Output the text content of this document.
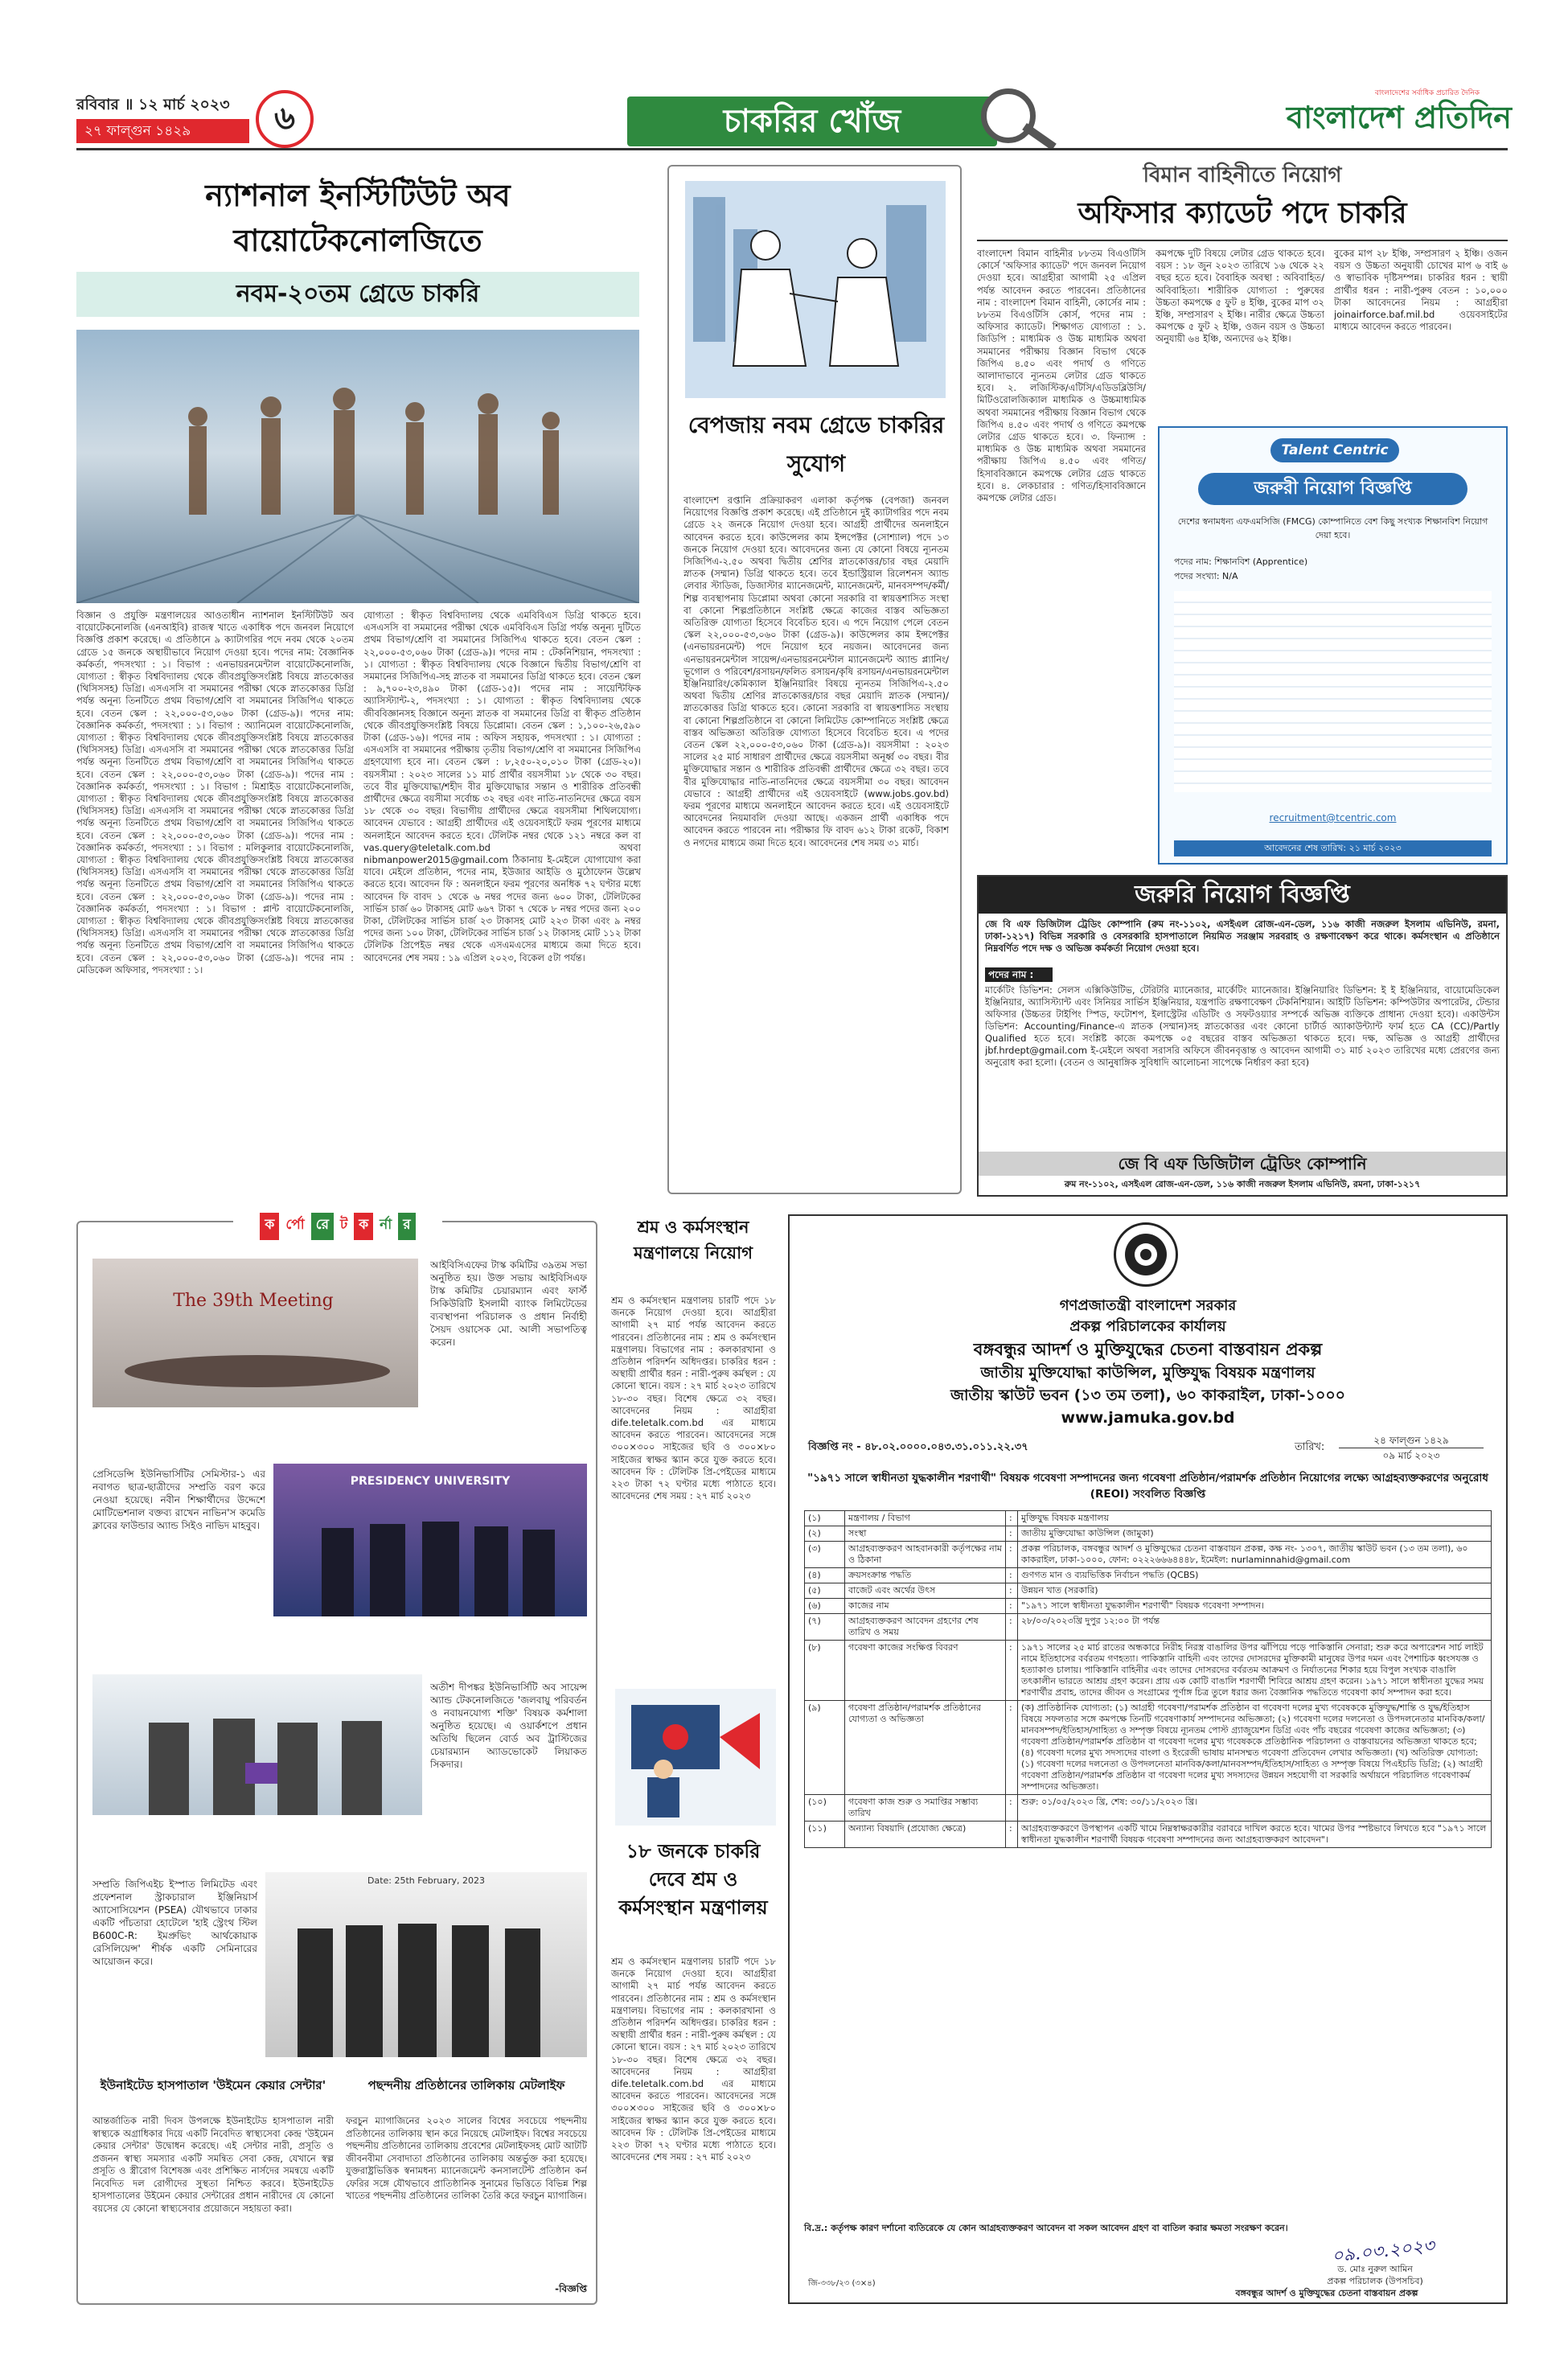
রবিবার ॥ ১২ মার্চ ২০২৩
২৭ ফাল্গুন ১৪২৯	৬	চাকরির খোঁজ
বাংলাদেশের সর্বাধিক প্রচারিত দৈনিক
বাংলাদেশ প্রতিদিন
ন্যাশনাল ইনস্টিটিউট অব বায়োটেকনোলজিতে
নবম-২০তম গ্রেডে চাকরি
বিজ্ঞান ও প্রযুক্তি মন্ত্রণালয়ের আওতাধীন ন্যাশনাল ইনস্টিটিউট অব বায়োটেকনোলজি (এনআইবি) রাজস্ব খাতে একাধিক পদে জনবল নিয়োগে বিজ্ঞপ্তি প্রকাশ করেছে। এ প্রতিষ্ঠানে ৯ ক্যাটাগরির পদে নবম থেকে ২০তম গ্রেডে ১৫ জনকে অস্থায়ীভাবে নিয়োগ দেওয়া হবে। পদের নাম: বৈজ্ঞানিক কর্মকর্তা, পদসংখ্যা : ১। বিভাগ : এনভায়রনমেন্টাল বায়োটেকনোলজি, যোগ্যতা : স্বীকৃত বিশ্ববিদ্যালয় থেকে জীবপ্রযুক্তিসংশ্লিষ্ট বিষয়ে স্নাতকোত্তর (থিসিসসহ) ডিগ্রি। এসএসসি বা সমমানের পরীক্ষা থেকে স্নাতকোত্তর ডিগ্রি পর্যন্ত অনূন্য তিনটিতে প্রথম বিভাগ/শ্রেণি বা সমমানের সিজিপিএ থাকতে হবে। বেতন স্কেল : ২২,০০০-৫৩,০৬০ টাকা (গ্রেড-৯)। পদের নাম: বৈজ্ঞানিক কর্মকর্তা, পদসংখ্যা : ১। বিভাগ : অ্যানিমেল বায়োটেকনোলজি, যোগ্যতা : স্বীকৃত বিশ্ববিদ্যালয় থেকে জীবপ্রযুক্তিসংশ্লিষ্ট বিষয়ে স্নাতকোত্তর (থিসিসসহ) ডিগ্রি। এসএসসি বা সমমানের পরীক্ষা থেকে স্নাতকোত্তর ডিগ্রি পর্যন্ত অনূন্য তিনটিতে প্রথম বিভাগ/শ্রেণি বা সমমানের সিজিপিএ থাকতে হবে। বেতন স্কেল : ২২,০০০-৫৩,০৬০ টাকা (গ্রেড-৯)। পদের নাম : বৈজ্ঞানিক কর্মকর্তা, পদসংখ্যা : ১। বিভাগ : মিশ্রাইড বায়োটেকনোলজি, যোগ্যতা : স্বীকৃত বিশ্ববিদ্যালয় থেকে জীবপ্রযুক্তিসংশ্লিষ্ট বিষয়ে স্নাতকোত্তর (থিসিসসহ) ডিগ্রি। এসএসসি বা সমমানের পরীক্ষা থেকে স্নাতকোত্তর ডিগ্রি পর্যন্ত অনূন্য তিনটিতে প্রথম বিভাগ/শ্রেণি বা সমমানের সিজিপিএ থাকতে হবে। বেতন স্কেল : ২২,০০০-৫৩,০৬০ টাকা (গ্রেড-৯)। পদের নাম : বৈজ্ঞানিক কর্মকর্তা, পদসংখ্যা : ১। বিভাগ : মলিকুলার বায়োটেকনোলজি, যোগ্যতা : স্বীকৃত বিশ্ববিদ্যালয় থেকে জীবপ্রযুক্তিসংশ্লিষ্ট বিষয়ে স্নাতকোত্তর (থিসিসসহ) ডিগ্রি। এসএসসি বা সমমানের পরীক্ষা থেকে স্নাতকোত্তর ডিগ্রি পর্যন্ত অনূন্য তিনটিতে প্রথম বিভাগ/শ্রেণি বা সমমানের সিজিপিএ থাকতে হবে। বেতন স্কেল : ২২,০০০-৫৩,০৬০ টাকা (গ্রেড-৯)। পদের নাম : বৈজ্ঞানিক কর্মকর্তা, পদসংখ্যা : ১। বিভাগ : প্লান্ট বায়োটেকনোলজি, যোগ্যতা : স্বীকৃত বিশ্ববিদ্যালয় থেকে জীবপ্রযুক্তিসংশ্লিষ্ট বিষয়ে স্নাতকোত্তর (থিসিসসহ) ডিগ্রি। এসএসসি বা সমমানের পরীক্ষা থেকে স্নাতকোত্তর ডিগ্রি পর্যন্ত অনূন্য তিনটিতে প্রথম বিভাগ/শ্রেণি বা সমমানের সিজিপিএ থাকতে হবে। বেতন স্কেল : ২২,০০০-৫৩,০৬০ টাকা (গ্রেড-৯)। পদের নাম : মেডিকেল অফিসার, পদসংখ্যা : ১।
যোগ্যতা : স্বীকৃত বিশ্ববিদ্যালয় থেকে এমবিবিএস ডিগ্রি থাকতে হবে। এসএসসি বা সমমানের পরীক্ষা থেকে এমবিবিএস ডিগ্রি পর্যন্ত অনূন্য দুটিতে প্রথম বিভাগ/শ্রেণি বা সমমানের সিজিপিএ থাকতে হবে। বেতন স্কেল : ২২,০০০-৫৩,০৬০ টাকা (গ্রেড-৯)। পদের নাম : টেকনিশিয়ান, পদসংখ্যা : ১। যোগ্যতা : স্বীকৃত বিশ্ববিদ্যালয় থেকে বিজ্ঞানে দ্বিতীয় বিভাগ/শ্রেণি বা সমমানের সিজিপিএ-সহ স্নাতক বা সমমানের ডিগ্রি থাকতে হবে। বেতন স্কেল : ৯,৭০০-২৩,৪৯০ টাকা (গ্রেড-১৫)। পদের নাম : সায়েন্টিফিক অ্যাসিস্ট্যান্ট-২, পদসংখ্যা : ১। যোগ্যতা : স্বীকৃত বিশ্ববিদ্যালয় থেকে জীববিজ্ঞানসহ বিজ্ঞানে অনূন্য স্নাতক বা সমমানের ডিগ্রি বা স্বীকৃত প্রতিষ্ঠান থেকে জীবপ্রযুক্তিসংশ্লিষ্ট বিষয়ে ডিপ্লোমা। বেতন স্কেল : ১,১০০-২৬,৫৯০ টাকা (গ্রেড-১৬)। পদের নাম : অফিস সহায়ক, পদসংখ্যা : ১। যোগ্যতা : এসএসসি বা সমমানের পরীক্ষায় তৃতীয় বিভাগ/শ্রেণি বা সমমানের সিজিপিএ গ্রহণযোগ্য হবে না। বেতন স্কেল : ৮,২৫০-২০,০১০ টাকা (গ্রেড-২০)। বয়সসীমা : ২০২৩ সালের ১১ মার্চ প্রার্থীর বয়সসীমা ১৮ থেকে ৩০ বছর। তবে বীর মুক্তিযোদ্ধা/শহীদ বীর মুক্তিযোদ্ধার সন্তান ও শারীরিক প্রতিবন্ধী প্রার্থীদের ক্ষেত্রে বয়সীমা সর্বোচ্চ ৩২ বছর এবং নাতি-নাতনিদের ক্ষেত্রে বয়স ১৮ থেকে ৩০ বছর। বিভাগীয় প্রার্থীদের ক্ষেত্রে বয়সসীমা শিথিলযোগ্য। আবেদন যেভাবে : আগ্রহী প্রার্থীদের এই ওয়েবসাইটে ফরম পূরণের মাধ্যমে অনলাইনে আবেদন করতে হবে। টেলিটক নম্বর থেকে ১২১ নম্বরে কল বা vas.query@teletalk.com.bd অথবা nibmanpower2015@gmail.com ঠিকানায় ই-মেইলে যোগাযোগ করা যাবে। মেইলে প্রতিষ্ঠান, পদের নাম, ইউজার আইডি ও মুঠোফোন উল্লেখ করতে হবে। আবেদন ফি : অনলাইনে ফরম পূরণের অনধিক ৭২ ঘণ্টার মধ্যে আবেদন ফি বাবদ ১ থেকে ৬ নম্বর পদের জন্য ৬০০ টাকা, টেলিটকের সার্ভিস চার্জ ৬০ টাকাসহ মোট ৬৬৭ টাকা ৭ থেকে ৮ নম্বর পদের জন্য ২০০ টাকা, টেলিটকের সার্ভিস চার্জ ২৩ টাকাসহ মোট ২২৩ টাকা এবং ৯ নম্বর পদের জন্য ১০০ টাকা, টেলিটকের সার্ভিস চার্জ ১২ টাকাসহ মোট ১১২ টাকা টেলিটক প্রিপেইড নম্বর থেকে এসএমএসের মাধ্যমে জমা দিতে হবে। আবেদনের শেষ সময় : ১৯ এপ্রিল ২০২৩, বিকেল ৫টা পর্যন্ত।
বেপজায় নবম গ্রেডে চাকরির সুযোগ
বাংলাদেশ রপ্তানি প্রক্রিয়াকরণ এলাকা কর্তৃপক্ষ (বেপজা) জনবল নিয়োগের বিজ্ঞপ্তি প্রকাশ করেছে। এই প্রতিষ্ঠানে দুই ক্যাটাগরির পদে নবম গ্রেডে ২২ জনকে নিয়োগ দেওয়া হবে। আগ্রহী প্রার্থীদের অনলাইনে আবেদন করতে হবে। কাউন্সেলর কাম ইন্সপেক্টর (সোশ্যাল) পদে ১৩ জনকে নিয়োগ দেওয়া হবে। আবেদনের জন্য যে কোনো বিষয়ে ন্যূনতম সিজিপিএ-২.৫০ অথবা দ্বিতীয় শ্রেণির স্নাতকোত্তর/চার বছর মেয়াদি স্নাতক (সম্মান) ডিগ্রি থাকতে হবে। তবে ইন্ডাস্ট্রিয়াল রিলেশনস অ্যান্ড লেবার স্টাডিজ, ডিজাস্টার ম্যানেজমেন্ট, ম্যানেজমেন্ট, মানবসম্পদ/কর্মী/শিল্প ব্যবস্থাপনায় ডিপ্লোমা অথবা কোনো সরকারি বা স্বায়ত্তশাসিত সংস্থা বা কোনো শিল্পপ্রতিষ্ঠানে সংশ্লিষ্ট ক্ষেত্রে কাজের বাস্তব অভিজ্ঞতা অতিরিক্ত যোগ্যতা হিসেবে বিবেচিত হবে। এ পদে নিয়োগ পেলে বেতন স্কেল ২২,০০০-৫৩,০৬০ টাকা (গ্রেড-৯)। কাউন্সেলর কাম ইন্সপেক্টর (এনভায়রনমেন্ট) পদে নিয়োগ হবে নয়জন। আবেদনের জন্য এনভায়রনমেন্টাল সায়েন্স/এনভায়রনমেন্টাল ম্যানেজমেন্ট অ্যান্ড প্ল্যানিং/ভূগোল ও পরিবেশ/রসায়ন/ফলিত রসায়ন/কৃষি রসায়ন/এনভায়রনমেন্টাল ইঞ্জিনিয়ারিং/কেমিক্যাল ইঞ্জিনিয়ারিং বিষয়ে ন্যূনতম সিজিপিএ-২.৫০ অথবা দ্বিতীয় শ্রেণির স্নাতকোত্তর/চার বছর মেয়াদি স্নাতক (সম্মান)/স্নাতকোত্তর ডিগ্রি থাকতে হবে। কোনো সরকারি বা স্বায়ত্তশাসিত সংস্থায় বা কোনো শিল্পপ্রতিষ্ঠানে বা কোনো লিমিটেড কোম্পানিতে সংশ্লিষ্ট ক্ষেত্রে বাস্তব অভিজ্ঞতা অতিরিক্ত যোগ্যতা হিসেবে বিবেচিত হবে। এ পদের বেতন স্কেল ২২,০০০-৫৩,০৬০ টাকা (গ্রেড-৯)। বয়সসীমা : ২০২৩ সালের ২৫ মার্চ সাধারণ প্রার্থীদের ক্ষেত্রে বয়সসীমা অনূর্ধ্ব ৩০ বছর। বীর মুক্তিযোদ্ধার সন্তান ও শারীরিক প্রতিবন্ধী প্রার্থীদের ক্ষেত্রে ৩২ বছর। তবে বীর মুক্তিযোদ্ধার নাতি-নাতনিদের ক্ষেত্রে বয়সসীমা ৩০ বছর। আবেদন যেভাবে : আগ্রহী প্রার্থীদের এই ওয়েবসাইটে (www.jobs.gov.bd) ফরম পূরণের মাধ্যমে অনলাইনে আবেদন করতে হবে। এই ওয়েবসাইটে আবেদনের নিয়মাবলি দেওয়া আছে। একজন প্রার্থী একাধিক পদে আবেদন করতে পারবেন না। পরীক্ষার ফি বাবদ ৬১২ টাকা রকেট, বিকাশ ও নগদের মাধ্যমে জমা দিতে হবে। আবেদনের শেষ সময় ৩১ মার্চ।
বিমান বাহিনীতে নিয়োগ
অফিসার ক্যাডেট পদে চাকরি
বাংলাদেশ বিমান বাহিনীর ৮৮তম বিএওটিসি কোর্সে 'অফিসার ক্যাডেট' পদে জনবল নিয়োগ দেওয়া হবে। আগ্রহীরা আগামী ২৫ এপ্রিল পর্যন্ত আবেদন করতে পারবেন। প্রতিষ্ঠানের নাম : বাংলাদেশ বিমান বাহিনী, কোর্সের নাম : ৮৮তম বিএওটিসি কোর্স, পদের নাম : অফিসার ক্যাডেট। শিক্ষাগত যোগ্যতা : ১. জিডিপি : মাধ্যমিক ও উচ্চ মাধ্যমিক অথবা সমমানের পরীক্ষায় বিজ্ঞান বিভাগ থেকে জিপিএ ৪.৫০ এবং পদার্থ ও গণিতে আলাদাভাবে ন্যূনতম লেটার গ্রেড থাকতে হবে। ২. লজিস্টিক/এটিসি/এডিডব্লিউসি/মিটিওরোলজিক্যাল মাধ্যমিক ও উচ্চমাধ্যমিক অথবা সমমানের পরীক্ষায় বিজ্ঞান বিভাগ থেকে জিপিএ ৪.৫০ এবং পদার্থ ও গণিতে কমপক্ষে লেটার গ্রেড থাকতে হবে। ৩. ফিন্যান্স : মাধ্যমিক ও উচ্চ মাধ্যমিক অথবা সমমানের পরীক্ষায় জিপিএ ৪.৫০ এবং গণিত/হিসাববিজ্ঞানে কমপক্ষে লেটার গ্রেড থাকতে হবে। ৪. লেকচারার : গণিত/হিসাববিজ্ঞানে কমপক্ষে লেটার গ্রেড।
কমপক্ষে দুটি বিষয়ে লেটার গ্রেড থাকতে হবে। বয়স : ১৮ জুন ২০২৩ তারিখে ১৬ থেকে ২২ বছর হতে হবে। বৈবাহিক অবস্থা : অবিবাহিত/অবিবাহিতা। শারীরিক যোগ্যতা : পুরুষের উচ্চতা কমপক্ষে ৫ ফুট ৪ ইঞ্চি, বুকের মাপ ৩২ ইঞ্চি, সম্প্রসারণ ২ ইঞ্চি। নারীর ক্ষেত্রে উচ্চতা কমপক্ষে ৫ ফুট ২ ইঞ্চি, ওজন বয়স ও উচ্চতা অনুযায়ী ৬৪ ইঞ্চি, অন্যদের ৬২ ইঞ্চি।
বুকের মাপ ২৮ ইঞ্চি, সম্প্রসারণ ২ ইঞ্চি। ওজন বয়স ও উচ্চতা অনুযায়ী চোখের মাপ ৬ বাই ৬ ও স্বাভাবিক দৃষ্টিসম্পন্ন। চাকরির ধরন : স্থায়ী প্রার্থীর ধরন : নারী-পুরুষ বেতন : ১০,০০০ টাকা আবেদনের নিয়ম : আগ্রহীরা joinairforce.baf.mil.bd ওয়েবসাইটের মাধ্যমে আবেদন করতে পারবেন।
Talent Centric
জরুরী নিয়োগ বিজ্ঞপ্তি
দেশের স্বনামধন্য এফএমসিজি (FMCG) কোম্পানিতে বেশ কিছু সংখ্যক শিক্ষানবিশ নিয়োগ দেয়া হবে।
পদের নাম: শিক্ষানবিশ (Apprentice)
পদের সংখ্যা: N/A
recruitment@tcentric.com
আবেদনের শেষ তারিখ: ২১ মার্চ ২০২৩
জরুরি নিয়োগ বিজ্ঞপ্তি
জে বি এফ ডিজিটাল ট্রেডিং কোম্পানি (রুম নং-১১০২, এসইএল রোজ-এন-ডেল, ১১৬ কাজী নজরুল ইসলাম এভিনিউ, রমনা, ঢাকা-১২১৭) বিভিন্ন সরকারি ও বেসরকারি হাসপাতালে নিয়মিত সরঞ্জাম সরবরাহ ও রক্ষণাবেক্ষণ করে থাকে। কর্মসংস্থান এ প্রতিষ্ঠানে নিম্নবর্ণিত পদে দক্ষ ও অভিজ্ঞ কর্মকর্তা নিয়োগ দেওয়া হবে।
পদের নাম :
মার্কেটিং ডিভিশন: সেলস এক্সিকিউটিভ, টেরিটরি ম্যানেজার, মার্কেটিং ম্যানেজার। ইঞ্জিনিয়ারিং ডিভিশন: ই ই ইঞ্জিনিয়ার, বায়োমেডিকেল ইঞ্জিনিয়ার, অ্যাসিস্ট্যান্ট এবং সিনিয়র সার্ভিস ইঞ্জিনিয়ার, যন্ত্রপাতি রক্ষণাবেক্ষণ টেকনিশিয়ান। আইটি ডিভিশন: কম্পিউটার অপারেটর, টেন্ডার অফিসার (উচ্চতর টাইপিং স্পিড, ফটোশপ, ইলাস্ট্রেটর এডিটিং ও সফটওয়্যার সম্পর্কে অভিজ্ঞ ব্যক্তিকে প্রাধান্য দেওয়া হবে)। একাউন্টস ডিভিশন: Accounting/Finance-এ স্নাতক (সম্মান)সহ স্নাতকোত্তর এবং কোনো চার্টার্ড অ্যাকাউন্ট্যান্ট ফার্ম হতে CA (CC)/Partly Qualified হতে হবে। সংশ্লিষ্ট কাজে কমপক্ষে ০৫ বছরের বাস্তব অভিজ্ঞতা থাকতে হবে। দক্ষ, অভিজ্ঞ ও আগ্রহী প্রার্থীদের jbf.hrdept@gmail.com ই-মেইলে অথবা সরাসরি অফিসে জীবনবৃত্তান্ত ও আবেদন আগামী ৩১ মার্চ ২০২৩ তারিখের মধ্যে প্রেরণের জন্য অনুরোধ করা হলো। (বেতন ও আনুষাঙ্গিক সুবিধাদি আলোচনা সাপেক্ষে নির্ধারণ করা হবে)
জে বি এফ ডিজিটাল ট্রেডিং কোম্পানি
রুম নং-১১০২, এসইএল রোজ-এন-ডেল, ১১৬ কাজী নজরুল ইসলাম এভিনিউ, রমনা, ঢাকা-১২১৭
ক র্পো রে ট ক র্না র
The 39th Meeting
আইবিসিএফের টাস্ক কমিটির ৩৯তম সভা অনুষ্ঠিত হয়। উক্ত সভায় আইবিসিএফ টাস্ক কমিটির চেয়ারম্যান এবং ফার্স্ট সিকিউরিটি ইসলামী ব্যাংক লিমিটেডের ব্যবস্থাপনা পরিচালক ও প্রধান নির্বাহী সৈয়দ ওয়াসেক মো. আলী সভাপতিত্ব করেন।
প্রেসিডেন্সি ইউনিভার্সিটির সেমিস্টার-১ এর নবাগত ছাত্র-ছাত্রীদের সম্প্রতি বরণ করে নেওয়া হয়েছে। নবীন শিক্ষার্থীদের উদ্দেশে মোটিভেশনাল বক্তব্য রাখেন নাভিন'স কমেডি ক্লাবের ফাউন্ডার অ্যান্ড সিইও নাভিদ মাহবুব।
PRESIDENCY UNIVERSITY
অতীশ দীপঙ্কর ইউনিভার্সিটি অব সায়েন্স অ্যান্ড টেকনোলজিতে 'জলবায়ু পরিবর্তন ও নবায়নযোগ্য শক্তি' বিষয়ক কর্মশালা অনুষ্ঠিত হয়েছে। এ ওয়ার্কশপে প্রধান অতিথি ছিলেন বোর্ড অব ট্রাস্টিজের চেয়ারম্যান অ্যাডভোকেট লিয়াকত সিকদার।
সম্প্রতি জিপিএইচ ইস্পাত লিমিটেড এবং প্রফেশনাল স্ট্রাকচারাল ইঞ্জিনিয়ার্স অ্যাসোসিয়েশন (PSEA) যৌথভাবে ঢাকার একটি পাঁচতারা হোটেলে 'হাই স্ট্রেংথ স্টিল B600C-R: ইমপ্রুভিং আর্থকোয়াক রেসিলিয়েন্স' শীর্ষক একটি সেমিনারের আয়োজন করে।
Date: 25th February, 2023
ইউনাইটেড হাসপাতাল 'উইমেন কেয়ার সেন্টার'
আন্তর্জাতিক নারী দিবস উপলক্ষে ইউনাইটেড হাসপাতাল নারী স্বাস্থ্যকে অগ্রাধিকার দিয়ে একটি নিবেদিত স্বাস্থ্যসেবা কেন্দ্র 'উইমেন কেয়ার সেন্টার' উদ্বোধন করেছে। এই সেন্টার নারী, প্রসূতি ও প্রজনন স্বাস্থ্য সমস্যার একটি সমন্বিত সেবা কেন্দ্র, যেখানে স্বল্প প্রসূতি ও স্ত্রীরোগ বিশেষজ্ঞ এবং প্রশিক্ষিত নার্সদের সমন্বয়ে একটি নিবেদিত দল রোগীদের সুস্থতা নিশ্চিত করবে। ইউনাইটেড হাসপাতালের উইমেন কেয়ার সেন্টারের প্রধান নারীদের যে কোনো বয়সের যে কোনো স্বাস্থ্যসেবার প্রয়োজনে সহায়তা করা।
পছন্দনীয় প্রতিষ্ঠানের তালিকায় মেটলাইফ
ফরচুন ম্যাগাজিনের ২০২৩ সালের বিশ্বের সবচেয়ে পছন্দনীয় প্রতিষ্ঠানের তালিকায় স্থান করে নিয়েছে মেটলাইফ। বিশ্বের সবচেয়ে পছন্দনীয় প্রতিষ্ঠানের তালিকায় প্রবেশের মেটলাইফসহ মোট আটটি জীবনবীমা সেবাদাতা প্রতিষ্ঠানের তালিকায় অন্তর্ভুক্ত করা হয়েছে। যুক্তরাষ্ট্রভিত্তিক স্বনামধন্য ম্যানেজমেন্ট কনসালটেন্ট প্রতিষ্ঠান কর্ন ফেরির সঙ্গে যৌথভাবে প্রাতিষ্ঠানিক সুনামের ভিত্তিতে বিভিন্ন শিল্প খাতের পছন্দনীয় প্রতিষ্ঠানের তালিকা তৈরি করে ফরচুন ম্যাগাজিন।
-বিজ্ঞপ্তি
শ্রম ও কর্মসংস্থান মন্ত্রণালয়ে নিয়োগ
শ্রম ও কর্মসংস্থান মন্ত্রণালয় চারটি পদে ১৮ জনকে নিয়োগ দেওয়া হবে। আগ্রহীরা আগামী ২৭ মার্চ পর্যন্ত আবেদন করতে পারবেন। প্রতিষ্ঠানের নাম : শ্রম ও কর্মসংস্থান মন্ত্রণালয়। বিভাগের নাম : কলকারখানা ও প্রতিষ্ঠান পরিদর্শন অধিদপ্তর। চাকরির ধরন : অস্থায়ী প্রার্থীর ধরন : নারী-পুরুষ কর্মস্থল : যে কোনো স্থানে। বয়স : ২৭ মার্চ ২০২৩ তারিখে ১৮-৩০ বছর। বিশেষ ক্ষেত্রে ৩২ বছর। আবেদনের নিয়ম : আগ্রহীরা dife.teletalk.com.bd এর মাধ্যমে আবেদন করতে পারবেন। আবেদনের সঙ্গে ৩০০×৩০০ সাইজের ছবি ও ৩০০×৮০ সাইজের স্বাক্ষর স্ক্যান করে যুক্ত করতে হবে। আবেদন ফি : টেলিটক প্রি-পেইডের মাধ্যমে ২২৩ টাকা ৭২ ঘণ্টার মধ্যে পাঠাতে হবে। আবেদনের শেষ সময় : ২৭ মার্চ ২০২৩
১৮ জনকে চাকরি দেবে শ্রম ও কর্মসংস্থান মন্ত্রণালয়
শ্রম ও কর্মসংস্থান মন্ত্রণালয় চারটি পদে ১৮ জনকে নিয়োগ দেওয়া হবে। আগ্রহীরা আগামী ২৭ মার্চ পর্যন্ত আবেদন করতে পারবেন। প্রতিষ্ঠানের নাম : শ্রম ও কর্মসংস্থান মন্ত্রণালয়। বিভাগের নাম : কলকারখানা ও প্রতিষ্ঠান পরিদর্শন অধিদপ্তর। চাকরির ধরন : অস্থায়ী প্রার্থীর ধরন : নারী-পুরুষ কর্মস্থল : যে কোনো স্থানে। বয়স : ২৭ মার্চ ২০২৩ তারিখে ১৮-৩০ বছর। বিশেষ ক্ষেত্রে ৩২ বছর। আবেদনের নিয়ম : আগ্রহীরা dife.teletalk.com.bd এর মাধ্যমে আবেদন করতে পারবেন। আবেদনের সঙ্গে ৩০০×৩০০ সাইজের ছবি ও ৩০০×৮০ সাইজের স্বাক্ষর স্ক্যান করে যুক্ত করতে হবে। আবেদন ফি : টেলিটক প্রি-পেইডের মাধ্যমে ২২৩ টাকা ৭২ ঘণ্টার মধ্যে পাঠাতে হবে। আবেদনের শেষ সময় : ২৭ মার্চ ২০২৩
গণপ্রজাতন্ত্রী বাংলাদেশ সরকার
প্রকল্প পরিচালকের কার্যালয়
বঙ্গবন্ধুর আদর্শ ও মুক্তিযুদ্ধের চেতনা বাস্তবায়ন প্রকল্প
জাতীয় মুক্তিযোদ্ধা কাউন্সিল, মুক্তিযুদ্ধ বিষয়ক মন্ত্রণালয়
জাতীয় স্কাউট ভবন (১৩ তম তলা), ৬০ কাকরাইল, ঢাকা-১০০০
www.jamuka.gov.bd
বিজ্ঞপ্তি নং - ৪৮.০২.০০০০.০৪৩.৩১.০১১.২২.৩৭	তারিখ:
২৪ ফাল্গুন ১৪২৯
০৯ মার্চ ২০২৩
"১৯৭১ সালে স্বাধীনতা যুদ্ধকালীন শরণার্থী" বিষয়ক গবেষণা সম্পাদনের জন্য গবেষণা প্রতিষ্ঠান/পরামর্শক প্রতিষ্ঠান নিয়োগের লক্ষ্যে আগ্রহব্যক্তকরণের অনুরোধ (REOI) সংবলিত বিজ্ঞপ্তি
(১)	মন্ত্রণালয় / বিভাগ	:	মুক্তিযুদ্ধ বিষয়ক মন্ত্রণালয়
(২)	সংস্থা	:	জাতীয় মুক্তিযোদ্ধা কাউন্সিল (জামুকা)
(৩)	আগ্রহব্যক্তকরণ আহবানকারী কর্তৃপক্ষের নাম ও ঠিকানা	:	প্রকল্প পরিচালক, বঙ্গবন্ধুর আদর্শ ও মুক্তিযুদ্ধের চেতনা বাস্তবায়ন প্রকল্প, কক্ষ নং- ১৩০৭, জাতীয় স্কাউট ভবন (১৩ তম তলা), ৬০ কাকরাইল, ঢাকা-১০০০, ফোন: ০২২২৬৬৬৪৪৪৮, ইমেইল: nurlaminnahid@gmail.com
(৪)	ক্রয়সংক্রান্ত পদ্ধতি	:	গুণগত মান ও ব্যয়ভিত্তিক নির্বাচন পদ্ধতি (QCBS)
(৫)	বাজেট এবং অর্থের উৎস	:	উন্নয়ন খাত (সরকারি)
(৬)	কাজের নাম	:	"১৯৭১ সালে স্বাধীনতা যুদ্ধকালীন শরণার্থী" বিষয়ক গবেষণা সম্পাদন।
(৭)	আগ্রহব্যক্তকরণ আবেদন গ্রহণের শেষ তারিখ ও সময়	:	২৮/০৩/২০২৩খ্রি দুপুর ১২:০০ টা পর্যন্ত
(৮)	গবেষণা কাজের সংক্ষিপ্ত বিবরণ	:	১৯৭১ সালের ২৫ মার্চ রাতের অন্ধকারে নিরীহ নিরস্ত্র বাঙালির উপর ঝাঁপিয়ে পড়ে পাকিস্তানি সেনারা; শুরু করে অপারেশন সার্চ লাইট নামে ইতিহাসের বর্বরতম গণহত্যা। পাকিস্তানি বাহিনী এবং তাদের দোসরদের মুক্তিকামী মানুষের উপর দমন এবং পৈশাচিক ধ্বংসযজ্ঞ ও হত্যাকাণ্ড চালায়। পাকিস্তানি বাহিনীর এবং তাদের দোসরদের বর্বরতম আক্রমণ ও নির্যাতনের শিকার হয়ে বিপুল সংখ্যক বাঙালি তৎকালীন ভারতে আশ্রয় গ্রহণ করেন। প্রায় এক কোটি বাঙালি শরণার্থী শিবিরে আশ্রয় গ্রহণ করেন। ১৯৭১ সালে স্বাধীনতা যুদ্ধের সময় শরণার্থীর প্রবাহ, তাদের জীবন ও সংগ্রামের পূর্ণাঙ্গ চিত্র তুলে ধরার জন্য বৈজ্ঞানিক পদ্ধতিতে গবেষণা কার্য সম্পাদন করা হবে।
(৯)	গবেষণা প্রতিষ্ঠান/পরামর্শক প্রতিষ্ঠানের যোগ্যতা ও অভিজ্ঞতা	:	(ক) প্রাতিষ্ঠানিক যোগ্যতা: (১) আগ্রহী গবেষণা/পরামর্শক প্রতিষ্ঠান বা গবেষণা দলের মুখ্য গবেষককে মুক্তিযুদ্ধ/শান্তি ও যুদ্ধ/ইতিহাস বিষয়ে সফলতার সঙ্গে কমপক্ষে তিনটি গবেষণাকার্য সম্পাদনের অভিজ্ঞতা; (২) গবেষণা দলের দলনেতা ও উপদলনেতার মানবিক/কলা/মানবসম্পদ/ইতিহাস/সাহিত্য ও সম্পৃক্ত বিষয়ে ন্যূনতম পোস্ট গ্র্যাজুয়েশন ডিগ্রি এবং পাঁচ বছরের গবেষণা কাজের অভিজ্ঞতা; (৩) গবেষণা প্রতিষ্ঠান/পরামর্শক প্রতিষ্ঠান বা গবেষণা দলের মুখ্য গবেষককে প্রতিষ্ঠানিক পরিচালনা ও বাস্তবায়নের অভিজ্ঞতা থাকতে হবে; (৪) গবেষণা দলের মুখ্য সদস্যদের বাংলা ও ইংরেজী ভাষায় মানসম্মত গবেষণা প্রতিবেদন লেখার অভিজ্ঞতা। (খ) অতিরিক্ত যোগ্যতা: (১) গবেষণা দলের দলনেতা ও উপদলনেতা মানবিক/কলা/মানবসম্পদ/ইতিহাস/সাহিত্য ও সম্পৃক্ত বিষয়ে পিএইচডি ডিগ্রি; (২) আগ্রহী গবেষণা প্রতিষ্ঠান/পরামর্শক প্রতিষ্ঠান বা গবেষণা দলের মুখ্য সদস্যদের উন্নয়ন সহযোগী বা সরকারি অর্থায়নে পরিচালিত গবেষণাকর্ম সম্পাদনের অভিজ্ঞতা।
(১০)	গবেষণা কাজ শুরু ও সমাপ্তির সম্ভাব্য তারিখ	:	শুরু: ০১/০৫/২০২৩ খ্রি, শেষ: ৩০/১১/২০২৩ খ্রি।
(১১)	অন্যান্য বিষয়াদি (প্রযোজ্য ক্ষেত্রে)	:	আগ্রহব্যক্তকরণে উপস্থাপন একটি খামে নিম্নস্বাক্ষরকারীর বরাবরে দাখিল করতে হবে। খামের উপর স্পষ্টভাবে লিখতে হবে "১৯৭১ সালে স্বাধীনতা যুদ্ধকালীন শরণার্থী বিষয়ক গবেষণা সম্পাদনের জন্য আগ্রহব্যক্তকরণ আবেদন"।
বি.দ্র.: কর্তৃপক্ষ কারণ দর্শানো ব্যতিরেকে যে কোন আগ্রহব্যক্তকরণ আবেদন বা সকল আবেদন গ্রহণ বা বাতিল করার ক্ষমতা সংরক্ষণ করেন।
০৯.০৩.২০২৩
ড. মোঃ নুরুল আমিন
প্রকল্প পরিচালক (উপসচিব)
বঙ্গবন্ধুর আদর্শ ও মুক্তিযুদ্ধের চেতনা বাস্তবায়ন প্রকল্প
জি-৩৩৮/২৩ (৩×৪)
